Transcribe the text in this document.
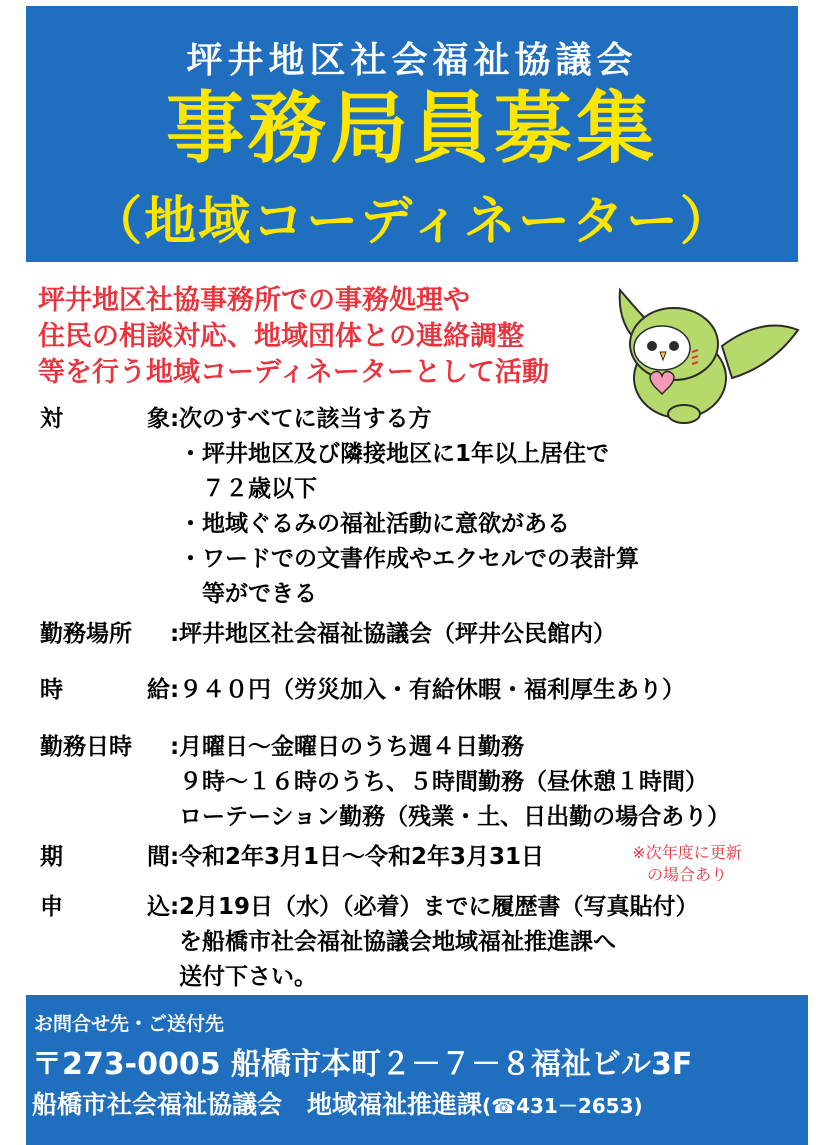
坪井地区社会福祉協議会
事務局員募集
（地域コーディネーター）
坪井地区社協事務所での事務処理や
住民の相談対応、地域団体との連絡調整
等を行う地域コーディネーターとして活動
対	象 : 次のすべてに該当する方
・坪井地区及び隣接地区に1年以上居住で
　７２歳以下
・地域ぐるみの福祉活動に意欲がある
・ワードでの文書作成やエクセルでの表計算
　等ができる
勤務場所	: 坪井地区社会福祉協議会（坪井公民館内）
時	給 : ９４０円（労災加入・有給休暇・福利厚生あり）
勤務日時	: 月曜日～金曜日のうち週４日勤務
９時～１６時のうち、５時間勤務（昼休憩１時間）
ローテーション勤務（残業・土、日出勤の場合あり）
期	間 : 令和2年3月1日～令和2年3月31日	※次年度に更新
の場合あり
申	込 : 2月19日（水）（必着）までに履歴書（写真貼付）
を船橋市社会福祉協議会地域福祉推進課へ
送付下さい。
お問合せ先・ご送付先
〒273-0005 船橋市本町２－７－８福祉ビル3F
船橋市社会福祉協議会　地域福祉推進課(☎431－2653)
